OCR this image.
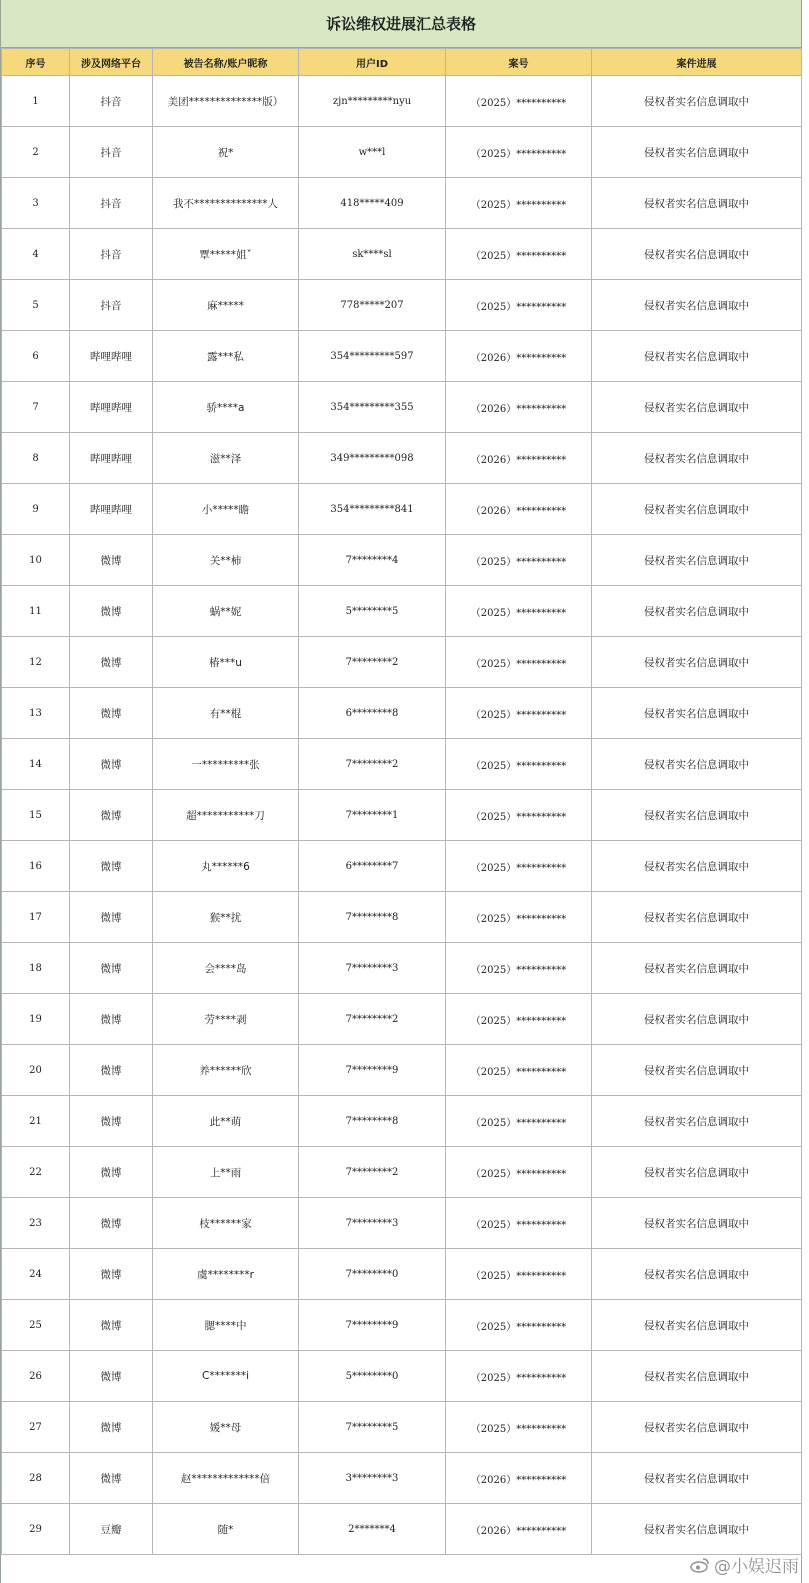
诉讼维权进展汇总表格
序号	涉及网络平台	被告名称/账户昵称	用户ID	案号	案件进展
1	抖音	美团**************版）	zjn*********nyu	（2025）**********	侵权者实名信息调取中
2	抖音	祝*	w***l	（2025）**********	侵权者实名信息调取中
3	抖音	我不**************人	418*****409	（2025）**********	侵权者实名信息调取中
4	抖音	覃*****姐ˇ	sk****sl	（2025）**********	侵权者实名信息调取中
5	抖音	麻*****	778*****207	（2025）**********	侵权者实名信息调取中
6	哔哩哔哩	露***私	354*********597	（2026）**********	侵权者实名信息调取中
7	哔哩哔哩	骄****a	354*********355	（2026）**********	侵权者实名信息调取中
8	哔哩哔哩	滋**泽	349*********098	（2026）**********	侵权者实名信息调取中
9	哔哩哔哩	小*****瞻	354*********841	（2026）**********	侵权者实名信息调取中
10	微博	关**柿	7********4	（2025）**********	侵权者实名信息调取中
11	微博	蜗**妮	5********5	（2025）**********	侵权者实名信息调取中
12	微博	椿***u	7********2	（2025）**********	侵权者实名信息调取中
13	微博	有**棍	6********8	（2025）**********	侵权者实名信息调取中
14	微博	一*********张	7********2	（2025）**********	侵权者实名信息调取中
15	微博	超***********刀	7********1	（2025）**********	侵权者实名信息调取中
16	微博	丸******6	6********7	（2025）**********	侵权者实名信息调取中
17	微博	猴**扰	7********8	（2025）**********	侵权者实名信息调取中
18	微博	会****岛	7********3	（2025）**********	侵权者实名信息调取中
19	微博	劳****剥	7********2	（2025）**********	侵权者实名信息调取中
20	微博	养******欣	7********9	（2025）**********	侵权者实名信息调取中
21	微博	此**萌	7********8	（2025）**********	侵权者实名信息调取中
22	微博	上**雨	7********2	（2025）**********	侵权者实名信息调取中
23	微博	枝******家	7********3	（2025）**********	侵权者实名信息调取中
24	微博	虞********r	7********0	（2025）**********	侵权者实名信息调取中
25	微博	腮****中	7********9	（2025）**********	侵权者实名信息调取中
26	微博	C*******i	5********0	（2025）**********	侵权者实名信息调取中
27	微博	媛**母	7********5	（2025）**********	侵权者实名信息调取中
28	微博	赵*************倍	3********3	（2026）**********	侵权者实名信息调取中
29	豆瓣	随*	2*******4	（2026）**********	侵权者实名信息调取中
@小娱迟雨
